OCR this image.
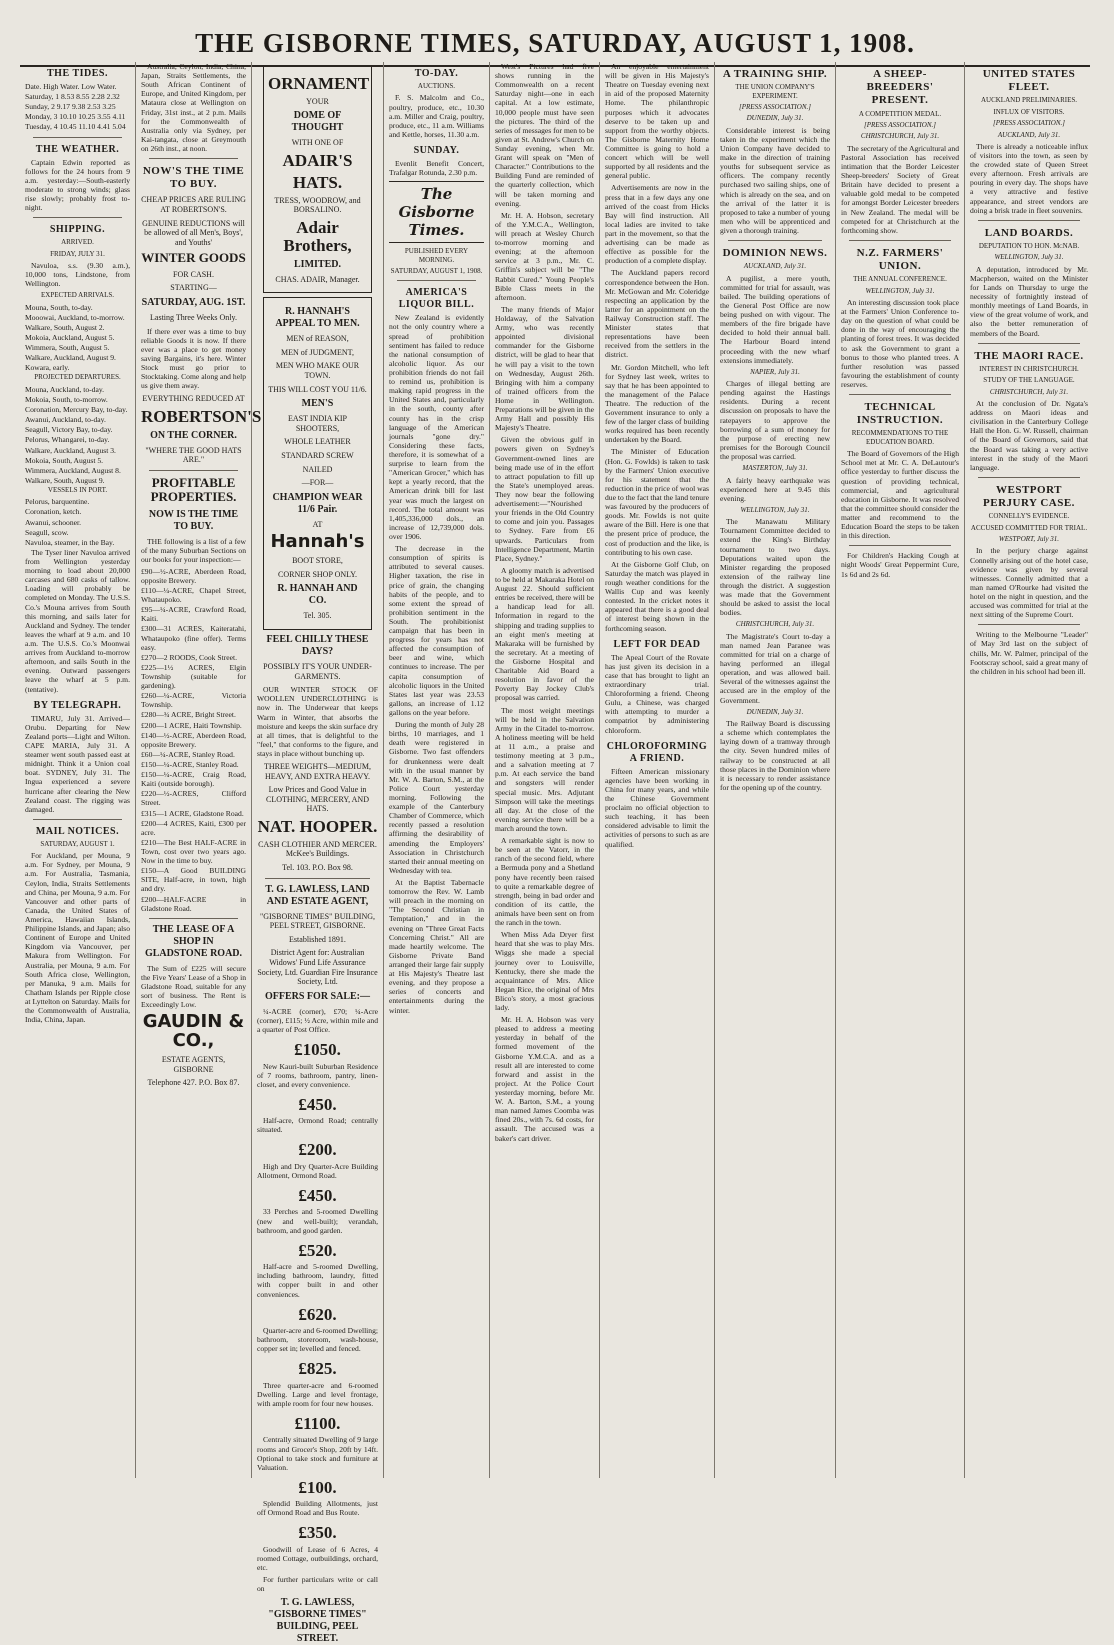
THE GISBORNE TIMES, SATURDAY, AUGUST 1, 1908.
THE TIDES.
Date. High Water. Low Water.
Saturday, 1 8.53 8.55 2.28 2.32
Sunday, 2 9.17 9.38 2.53 3.25
Monday, 3 10.10 10.25 3.55 4.11
Tuesday, 4 10.45 11.10 4.41 5.04
THE WEATHER.
Captain Edwin reported as follows for the 24 hours from 9 a.m. yesterday:—South-easterly moderate to strong winds; glass rise slowly; probably frost to-night.
SHIPPING.
ARRIVED.
FRIDAY, JULY 31.
Navuloa, s.s. (9.30 a.m.), 10,000 tons, Lindstone, from Wellington.
EXPECTED ARRIVALS.
Mouna, South, to-day.
Mooowai, Auckland, to-morrow.
Walkare, South, August 2.
Mokoia, Auckland, August 5.
Wimmera, South, August 5.
Walkare, Auckland, August 9.
Kowara, early.
PROJECTED DEPARTURES.
Mouna, Auckland, to-day.
Mokoia, South, to-morrow.
Coronation, Mercury Bay, to-day.
Awanui, Auckland, to-day.
Seagull, Victory Bay, to-day.
Pelorus, Whangarei, to-day.
Walkare, Auckland, August 3.
Mokoia, South, August 5.
Wimmera, Auckland, August 8.
Walkare, South, August 9.
VESSELS IN PORT.
Pelorus, barquentine.
Coronation, ketch.
Awanui, schooner.
Seagull, scow.
Navuloa, steamer, in the Bay.
The Tyser liner Navuloa arrived from Wellington yesterday morning to load about 20,000 carcases and 680 casks of tallow. Loading will probably be completed on Monday. The U.S.S. Co.'s Mouna arrives from South this morning, and sails later for Auckland and Sydney. The tender leaves the wharf at 9 a.m. and 10 a.m. The U.S.S. Co.'s Moonwai arrives from Auckland to-morrow afternoon, and sails South in the evening. Outward passengers leave the wharf at 5 p.m. (tentative).
BY TELEGRAPH.
TIMARU, July 31. Arrived—Orubu. Departing for New Zealand ports—Light and Wilton. CAPE MARIA, July 31. A steamer went south passed east at midnight. Think it a Union coal boat. SYDNEY, July 31. The Ingua experienced a severe hurricane after clearing the New Zealand coast. The rigging was damaged.
MAIL NOTICES.
SATURDAY, AUGUST 1.
For Auckland, per Mouna, 9 a.m. For Sydney, per Mouna, 9 a.m. For Australia, Tasmania, Ceylon, India, Straits Settlements and China, per Mouna, 9 a.m. For Vancouver and other parts of Canada, the United States of America, Hawaiian Islands, Philippine Islands, and Japan; also Continent of Europe and United Kingdom via Vancouver, per Makura from Wellington. For Australia, per Mouna, 9 a.m. For South Africa close, Wellington, per Manuka, 9 a.m. Mails for Chatham Islands per Ripple close at Lyttelton on Saturday. Mails for the Commonwealth of Australia, India, China, Japan.
Australia, Ceylon, India, China, Japan, Straits Settlements, the South African Continent of Europe, and United Kingdom, per Mataura close at Wellington on Friday, 31st inst., at 2 p.m. Mails for the Commonwealth of Australia only via Sydney, per Kai-tangata, close at Greymouth on 26th inst., at noon.
NOW'S THE TIME TO BUY.
CHEAP PRICES ARE RULING AT ROBERTSON'S.
GENUINE REDUCTIONS will be allowed of all Men's, Boys', and Youths'
WINTER GOODS
FOR CASH.
STARTING—
SATURDAY, AUG. 1ST.
Lasting Three Weeks Only.
If there ever was a time to buy reliable Goods it is now. If there ever was a place to get money saving Bargains, it's here. Winter Stock must go prior to Stocktaking. Come along and help us give them away.
EVERYTHING REDUCED AT
ROBERTSON'S
ON THE CORNER.
"WHERE THE GOOD HATS ARE."
PROFITABLE PROPERTIES.
NOW IS THE TIME TO BUY.
THE following is a list of a few of the many Suburban Sections on our books for your inspection:—
£90—½-ACRE, Aberdeen Road, opposite Brewery.
£110—¼-ACRE, Chapel Street, Whataupoko.
£95—¼-ACRE, Crawford Road, Kaiti.
£300—31 ACRES, Kaiteratahi, Whataupoko (fine offer). Terms easy.
£270—2 ROODS, Cook Street.
£225—1½ ACRES, Elgin Township (suitable for gardening).
£260—¼-ACRE, Victoria Township.
£280—¾ ACRE, Bright Street.
£200—1 ACRE, Haiti Township.
£140—½-ACRE, Aberdeen Road, opposite Brewery.
£60—¼-ACRE, Stanley Road.
£150—¼-ACRE, Stanley Road.
£150—¼-ACRE, Craig Road, Kaiti (outside borough).
£220—½-ACRES, Clifford Street.
£315—1 ACRE, Gladstone Road.
£200—4 ACRES, Kaiti, £300 per acre.
£210—The Best HALF-ACRE in Town, cost over two years ago. Now in the time to buy.
£150—A Good BUILDING SITE, Half-acre, in town, high and dry.
£200—HALF-ACRE in Gladstone Road.
THE LEASE OF A SHOP IN GLADSTONE ROAD.
The Sum of £225 will secure the Five Years' Lease of a Shop in Gladstone Road, suitable for any sort of business. The Rent is Exceedingly Low.
GAUDIN & CO.,
ESTATE AGENTS, GISBORNE
Telephone 427. P.O. Box 87.
ORNAMENT
YOUR
DOME OF THOUGHT
WITH ONE OF
ADAIR'S
HATS.
TRESS, WOODROW, and BORSALINO.
Adair Brothers,
LIMITED.
CHAS. ADAIR, Manager.
R. HANNAH'S APPEAL TO MEN.
MEN of REASON,
MEN of JUDGMENT,
MEN WHO MAKE OUR TOWN.
THIS WILL COST YOU 11/6.
MEN'S
EAST INDIA KIP SHOOTERS,
WHOLE LEATHER
STANDARD SCREW
NAILED
—FOR—
CHAMPION WEAR 11/6 Pair.
AT
Hannah's
BOOT STORE,
CORNER SHOP ONLY.
R. HANNAH AND CO.
Tel. 305.
FEEL CHILLY THESE DAYS?
POSSIBLY IT'S YOUR UNDER-GARMENTS.
OUR WINTER STOCK OF WOOLLEN UNDERCLOTHING is now in. The Underwear that keeps Warm in Winter, that absorbs the moisture and keeps the skin surface dry at all times, that is delightful to the "feel," that conforms to the figure, and stays in place without bunching up.
THREE WEIGHTS—MEDIUM, HEAVY, AND EXTRA HEAVY.
Low Prices and Good Value in CLOTHING, MERCERY, AND HATS.
NAT. HOOPER.
CASH CLOTHIER AND MERCER. McKee's Buildings.
Tel. 103. P.O. Box 98.
T. G. LAWLESS, LAND AND ESTATE AGENT,
"GISBORNE TIMES" BUILDING, PEEL STREET, GISBORNE.
Established 1891.
District Agent for: Australian Widows' Fund Life Assurance Society, Ltd. Guardian Fire Insurance Society, Ltd.
OFFERS FOR SALE:—
¼-ACRE (corner), £70; ¼-Acre (corner), £115; ½ Acre, within mile and a quarter of Post Office.
£1050.
New Kauri-built Suburban Residence of 7 rooms, bathroom, pantry, linen-closet, and every convenience.
£450.
Half-acre, Ormond Road; centrally situated.
£200.
High and Dry Quarter-Acre Building Allotment, Ormond Road.
£450.
33 Perches and 5-roomed Dwelling (new and well-built); verandah, bathroom, and good garden.
£520.
Half-acre and 5-roomed Dwelling, including bathroom, laundry, fitted with copper built in and other conveniences.
£620.
Quarter-acre and 6-roomed Dwelling; bathroom, storeroom, wash-house, copper set in; levelled and fenced.
£825.
Three quarter-acre and 6-roomed Dwelling. Large and level frontage, with ample room for four new houses.
£1100.
Centrally situated Dwelling of 9 large rooms and Grocer's Shop, 20ft by 14ft. Optional to take stock and furniture at Valuation.
£100.
Splendid Building Allotments, just off Ormond Road and Bus Route.
£350.
Goodwill of Lease of 6 Acres, 4 roomed Cottage, outbuildings, orchard, etc.
For further particulars write or call on
T. G. LAWLESS, "GISBORNE TIMES" BUILDING, PEEL STREET.
TO-DAY.
AUCTIONS.
F. S. Malcolm and Co., poultry, produce, etc., 10.30 a.m. Miller and Craig, poultry, produce, etc., 11 a.m. Williams and Kettle, horses, 11.30 a.m.
SUNDAY.
Evenlit Benefit Concert, Trafalgar Rotunda, 2.30 p.m.
The Gisborne Times.
PUBLISHED EVERY MORNING.
SATURDAY, AUGUST 1, 1908.
AMERICA'S LIQUOR BILL.
New Zealand is evidently not the only country where a spread of prohibition sentiment has failed to reduce the national consumption of alcoholic liquor. As our prohibition friends do not fail to remind us, prohibition is making rapid progress in the United States and, particularly in the south, county after county has in the crisp language of the American journals "gone dry." Considering these facts, therefore, it is somewhat of a surprise to learn from the "American Grocer," which has kept a yearly record, that the American drink bill for last year was much the largest on record. The total amount was 1,405,336,000 dols., an increase of 12,739,000 dols. over 1906.
The decrease in the consumption of spirits is attributed to several causes. Higher taxation, the rise in price of grain, the changing habits of the people, and to some extent the spread of prohibition sentiment in the South. The prohibitionist campaign that has been in progress for years has not affected the consumption of beer and wine, which continues to increase. The per capita consumption of alcoholic liquors in the United States last year was 23.53 gallons, an increase of 1.12 gallons on the year before.
During the month of July 28 births, 10 marriages, and 1 death were registered in Gisborne. Two fast offenders for drunkenness were dealt with in the usual manner by Mr. W. A. Barton, S.M., at the Police Court yesterday morning. Following the example of the Canterbury Chamber of Commerce, which recently passed a resolution affirming the desirability of amending the Employers' Association in Christchurch started their annual meeting on Wednesday with tea.
At the Baptist Tabernacle tomorrow the Rev. W. Lamb will preach in the morning on "The Second Christian in Temptation," and in the evening on "Three Great Facts Concerning Christ." All are made heartily welcome. The Gisborne Private Band arranged their large fair supply at His Majesty's Theatre last evening, and they propose a series of concerts and entertainments during the winter.
West's Pictures had five shows running in the Commonwealth on a recent Saturday night—one in each capital. At a low estimate, 10,000 people must have seen the pictures. The third of the series of messages for men to be given at St. Andrew's Church on Sunday evening, when Mr. Grant will speak on "Men of Character." Contributions to the Building Fund are reminded of the quarterly collection, which will be taken morning and evening.
Mr. H. A. Hobson, secretary of the Y.M.C.A., Wellington, will preach at Wesley Church to-morrow morning and evening; at the afternoon service at 3 p.m., Mr. C. Griffin's subject will be "The Rabbit Cured." Young People's Bible Class meets in the afternoon.
The many friends of Major Holdaway, of the Salvation Army, who was recently appointed divisional commander for the Gisborne district, will be glad to hear that he will pay a visit to the town on Wednesday, August 26th. Bringing with him a company of trained officers from the Home in Wellington. Preparations will be given in the Army Hall and possibly His Majesty's Theatre.
Given the obvious gulf in powers given on Sydney's Government-owned lines are being made use of in the effort to attract population to fill up the State's unemployed areas. They now bear the following advertisement:—"Nourished your friends in the Old Country to come and join you. Passages to Sydney. Fare from £6 upwards. Particulars from Intelligence Department, Martin Place, Sydney."
A gloomy match is advertised to be held at Makaraka Hotel on August 22. Should sufficient entries be received, there will be a handicap lead for all. Information in regard to the shipping and trading supplies to an eight men's meeting at Makaraka will be furnished by the secretary. At a meeting of the Gisborne Hospital and Charitable Aid Board a resolution in favor of the Poverty Bay Jockey Club's proposal was carried.
The most weight meetings will be held in the Salvation Army in the Citadel to-morrow. A holiness meeting will be held at 11 a.m., a praise and testimony meeting at 3 p.m., and a salvation meeting at 7 p.m. At each service the band and songsters will render special music. Mrs. Adjutant Simpson will take the meetings all day. At the close of the evening service there will be a march around the town.
A remarkable sight is now to be seen at the Vatorr, in the ranch of the second field, where a Bermuda pony and a Shetland pony have recently been raised to quite a remarkable degree of strength, being in bad order and condition of its cattle, the animals have been sent on from the ranch in the town.
When Miss Ada Dryer first heard that she was to play Mrs. Wiggs she made a special journey over to Louisville, Kentucky, there she made the acquaintance of Mrs. Alice Hegan Rice, the original of Mrs Blico's story, a most gracious lady.
Mr. H. A. Hobson was very pleased to address a meeting yesterday in behalf of the formed movement of the Gisborne Y.M.C.A. and as a result all are interested to come forward and assist in the project. At the Police Court yesterday morning, before Mr. W. A. Barton, S.M., a young man named James Coomba was fined 20s., with 7s. 6d costs, for assault. The accused was a baker's cart driver.
An enjoyable entertainment will be given in His Majesty's Theatre on Tuesday evening next in aid of the proposed Maternity Home. The philanthropic purposes which it advocates deserve to be taken up and support from the worthy objects. The Gisborne Maternity Home Committee is going to hold a concert which will be well supported by all residents and the general public.
Advertisements are now in the press that in a few days any one arrived of the coast from Hicks Bay will find instruction. All local ladies are invited to take part in the movement, so that the advertising can be made as effective as possible for the production of a complete display.
The Auckland papers record correspondence between the Hon. Mr. McGowan and Mr. Coleridge respecting an application by the latter for an appointment on the Railway Construction staff. The Minister states that representations have been received from the settlers in the district.
Mr. Gordon Mitchell, who left for Sydney last week, writes to say that he has been appointed to the management of the Palace Theatre. The reduction of the Government insurance to only a few of the larger class of building works required has been recently undertaken by the Board.
The Minister of Education (Hon. G. Fowlds) is taken to task by the Farmers' Union executive for his statement that the reduction in the price of wool was due to the fact that the land tenure was favoured by the producers of goods. Mr. Fowlds is not quite aware of the Bill. Here is one that the present price of produce, the cost of production and the like, is contributing to his own case.
At the Gisborne Golf Club, on Saturday the match was played in rough weather conditions for the Wallis Cup and was keenly contested. In the cricket notes it appeared that there is a good deal of interest being shown in the forthcoming season.
LEFT FOR DEAD
The Apeal Court of the Rovate has just given its decision in a case that has brought to light an extraordinary trial. Chloroforming a friend. Cheong Gulu, a Chinese, was charged with attempting to murder a compatriot by administering chloroform.
CHLOROFORMING A FRIEND.
Fifteen American missionary agencies have been working in China for many years, and while the Chinese Government proclaim no official objection to such teaching, it has been considered advisable to limit the activities of persons to such as are qualified.
A TRAINING SHIP.
THE UNION COMPANY'S EXPERIMENT.
[PRESS ASSOCIATION.]
DUNEDIN, July 31.
Considerable interest is being taken in the experiment which the Union Company have decided to make in the direction of training youths for subsequent service as officers. The company recently purchased two sailing ships, one of which is already on the sea, and on the arrival of the latter it is proposed to take a number of young men who will be apprenticed and given a thorough training.
DOMINION NEWS.
AUCKLAND, July 31.
A pugilist, a mere youth, committed for trial for assault, was bailed. The building operations of the General Post Office are now being pushed on with vigour. The members of the fire brigade have decided to hold their annual ball. The Harbour Board intend proceeding with the new wharf extensions immediately.
NAPIER, July 31.
Charges of illegal betting are pending against the Hastings residents. During a recent discussion on proposals to have the ratepayers to approve the borrowing of a sum of money for the purpose of erecting new premises for the Borough Council the proposal was carried.
MASTERTON, July 31.
A fairly heavy earthquake was experienced here at 9.45 this evening.
WELLINGTON, July 31.
The Manawatu Military Tournament Committee decided to extend the King's Birthday tournament to two days. Deputations waited upon the Minister regarding the proposed extension of the railway line through the district. A suggestion was made that the Government should be asked to assist the local bodies.
CHRISTCHURCH, July 31.
The Magistrate's Court to-day a man named Jean Paranee was committed for trial on a charge of having performed an illegal operation, and was allowed bail. Several of the witnesses against the accused are in the employ of the Government.
DUNEDIN, July 31.
The Railway Board is discussing a scheme which contemplates the laying down of a tramway through the city. Seven hundred miles of railway to be constructed at all those places in the Dominion where it is necessary to render assistance for the opening up of the country.
A SHEEP-BREEDERS' PRESENT.
A COMPETITION MEDAL.
[PRESS ASSOCIATION.]
CHRISTCHURCH, July 31.
The secretary of the Agricultural and Pastoral Association has received intimation that the Border Leicester Sheep-breeders' Society of Great Britain have decided to present a valuable gold medal to be competed for amongst Border Leicester breeders in New Zealand. The medal will be competed for at Christchurch at the forthcoming show.
N.Z. FARMERS' UNION.
THE ANNUAL CONFERENCE.
WELLINGTON, July 31.
An interesting discussion took place at the Farmers' Union Conference to-day on the question of what could be done in the way of encouraging the planting of forest trees. It was decided to ask the Government to grant a bonus to those who planted trees. A further resolution was passed favouring the establishment of county reserves.
TECHNICAL INSTRUCTION.
RECOMMENDATIONS TO THE EDUCATION BOARD.
The Board of Governors of the High School met at Mr. C. A. DeLautour's office yesterday to further discuss the question of providing technical, commercial, and agricultural education in Gisborne. It was resolved that the committee should consider the matter and recommend to the Education Board the steps to be taken in this direction.
For Children's Hacking Cough at night Woods' Great Peppermint Cure, 1s 6d and 2s 6d.
UNITED STATES FLEET.
AUCKLAND PRELIMINARIES.
INFLUX OF VISITORS.
[PRESS ASSOCIATION.]
AUCKLAND, July 31.
There is already a noticeable influx of visitors into the town, as seen by the crowded state of Queen Street every afternoon. Fresh arrivals are pouring in every day. The shops have a very attractive and festive appearance, and street vendors are doing a brisk trade in fleet souvenirs.
LAND BOARDS.
DEPUTATION TO HON. McNAB.
WELLINGTON, July 31.
A deputation, introduced by Mr. Macpherson, waited on the Minister for Lands on Thursday to urge the necessity of fortnightly instead of monthly meetings of Land Boards, in view of the great volume of work, and also the better remuneration of members of the Board.
THE MAORI RACE.
INTEREST IN CHRISTCHURCH.
STUDY OF THE LANGUAGE.
CHRISTCHURCH, July 31.
At the conclusion of Dr. Ngata's address on Maori ideas and civilisation in the Canterbury College Hall the Hon. G. W. Russell, chairman of the Board of Governors, said that the Board was taking a very active interest in the study of the Maori language.
WESTPORT PERJURY CASE.
CONNELLY'S EVIDENCE.
ACCUSED COMMITTED FOR TRIAL.
WESTPORT, July 31.
In the perjury charge against Connelly arising out of the hotel case, evidence was given by several witnesses. Connelly admitted that a man named O'Rourke had visited the hotel on the night in question, and the accused was committed for trial at the next sitting of the Supreme Court.
Writing to the Melbourne "Leader" of May 3rd last on the subject of chills, Mr. W. Palmer, principal of the Footscray school, said a great many of the children in his school had been ill.
